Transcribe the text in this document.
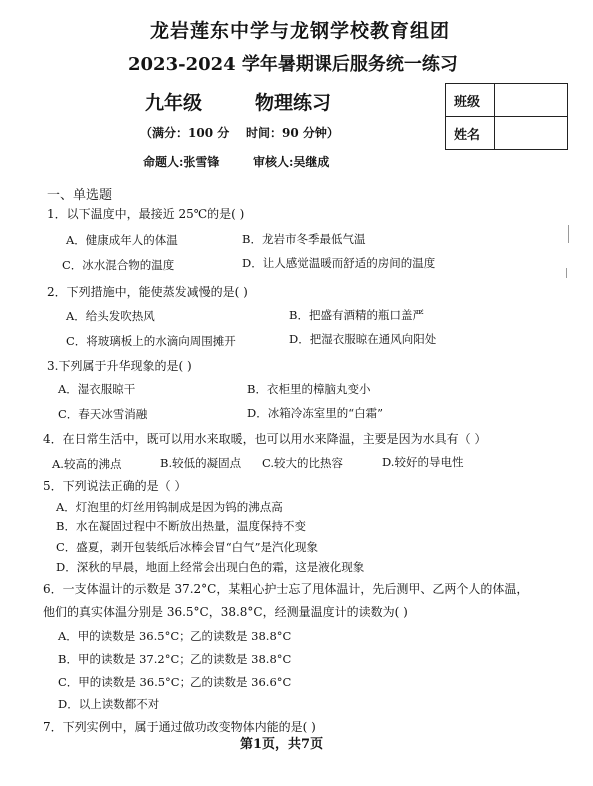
龙岩莲东中学与龙钢学校教育组团
2023-2024 学年暑期课后服务统一练习
九年级	物理练习
（满分：100 分 时间：90 分钟）
命题人:张雪锋	审核人:吴继成
班级	
姓名	
一、单选题
1．以下温度中，最接近 25℃的是( )
A．健康成年人的体温	B．龙岩市冬季最低气温
C．冰水混合物的温度	D．让人感觉温暖而舒适的房间的温度
2．下列措施中，能使蒸发减慢的是( )
A．给头发吹热风	B．把盛有酒精的瓶口盖严
C．将玻璃板上的水滴向周围摊开	D．把湿衣服晾在通风向阳处
3.下列属于升华现象的是( )
A．湿衣服晾干	B．衣柜里的樟脑丸变小
C．春天冰雪消融	D．冰箱冷冻室里的“白霜”
4．在日常生活中，既可以用水来取暖，也可以用水来降温，主要是因为水具有（ ）
A.较高的沸点	B.较低的凝固点 C.较大的比热容	D.较好的导电性
5．下列说法正确的是（ ）
A．灯泡里的灯丝用钨制成是因为钨的沸点高
B．水在凝固过程中不断放出热量，温度保持不变
C．盛夏，剥开包装纸后冰棒会冒“白气”是汽化现象
D．深秋的早晨，地面上经常会出现白色的霜，这是液化现象
6．一支体温计的示数是 37.2°C，某粗心护士忘了甩体温计，先后测甲、乙两个人的体温，
他们的真实体温分别是 36.5°C，38.8°C，经测量温度计的读数为( )
A．甲的读数是 36.5°C； 乙的读数是 38.8°C
B．甲的读数是 37.2°C； 乙的读数是 38.8°C
C．甲的读数是 36.5°C；
乙的读数是 36.6°C
D．以上读数都不对
7．下列实例中，属于通过做功改变物体内能的是( )
第1页，共7页
